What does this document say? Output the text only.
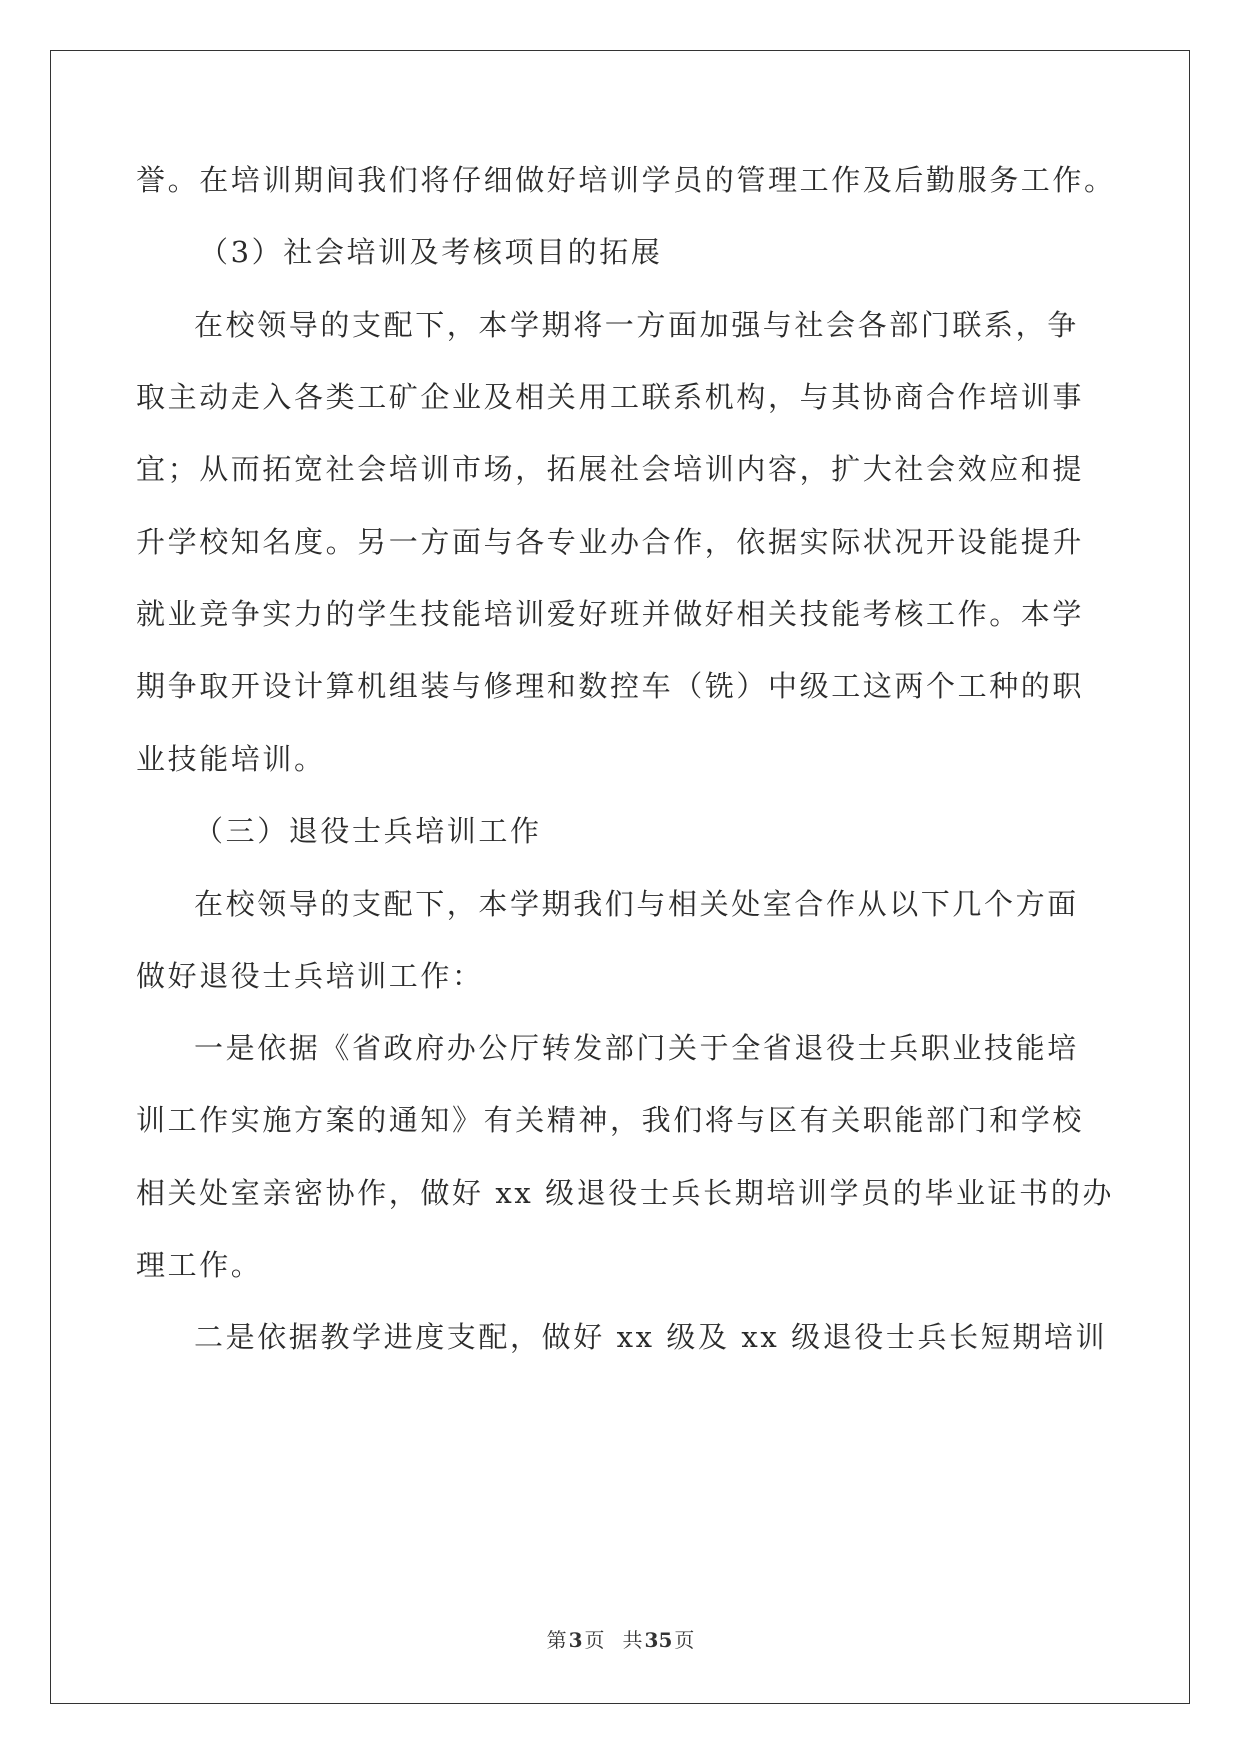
誉。在培训期间我们将仔细做好培训学员的管理工作及后勤服务工作。
（3）社会培训及考核项目的拓展
在校领导的支配下，本学期将一方面加强与社会各部门联系，争
取主动走入各类工矿企业及相关用工联系机构，与其协商合作培训事
宜；从而拓宽社会培训市场，拓展社会培训内容，扩大社会效应和提
升学校知名度。另一方面与各专业办合作，依据实际状况开设能提升
就业竞争实力的学生技能培训爱好班并做好相关技能考核工作。本学
期争取开设计算机组装与修理和数控车（铣）中级工这两个工种的职
业技能培训。
（三）退役士兵培训工作
在校领导的支配下，本学期我们与相关处室合作从以下几个方面
做好退役士兵培训工作：
一是依据《省政府办公厅转发部门关于全省退役士兵职业技能培
训工作实施方案的通知》有关精神，我们将与区有关职能部门和学校
相关处室亲密协作，做好 xx 级退役士兵长期培训学员的毕业证书的办
理工作。
二是依据教学进度支配，做好 xx 级及 xx 级退役士兵长短期培训
第 3 页 共 35 页
